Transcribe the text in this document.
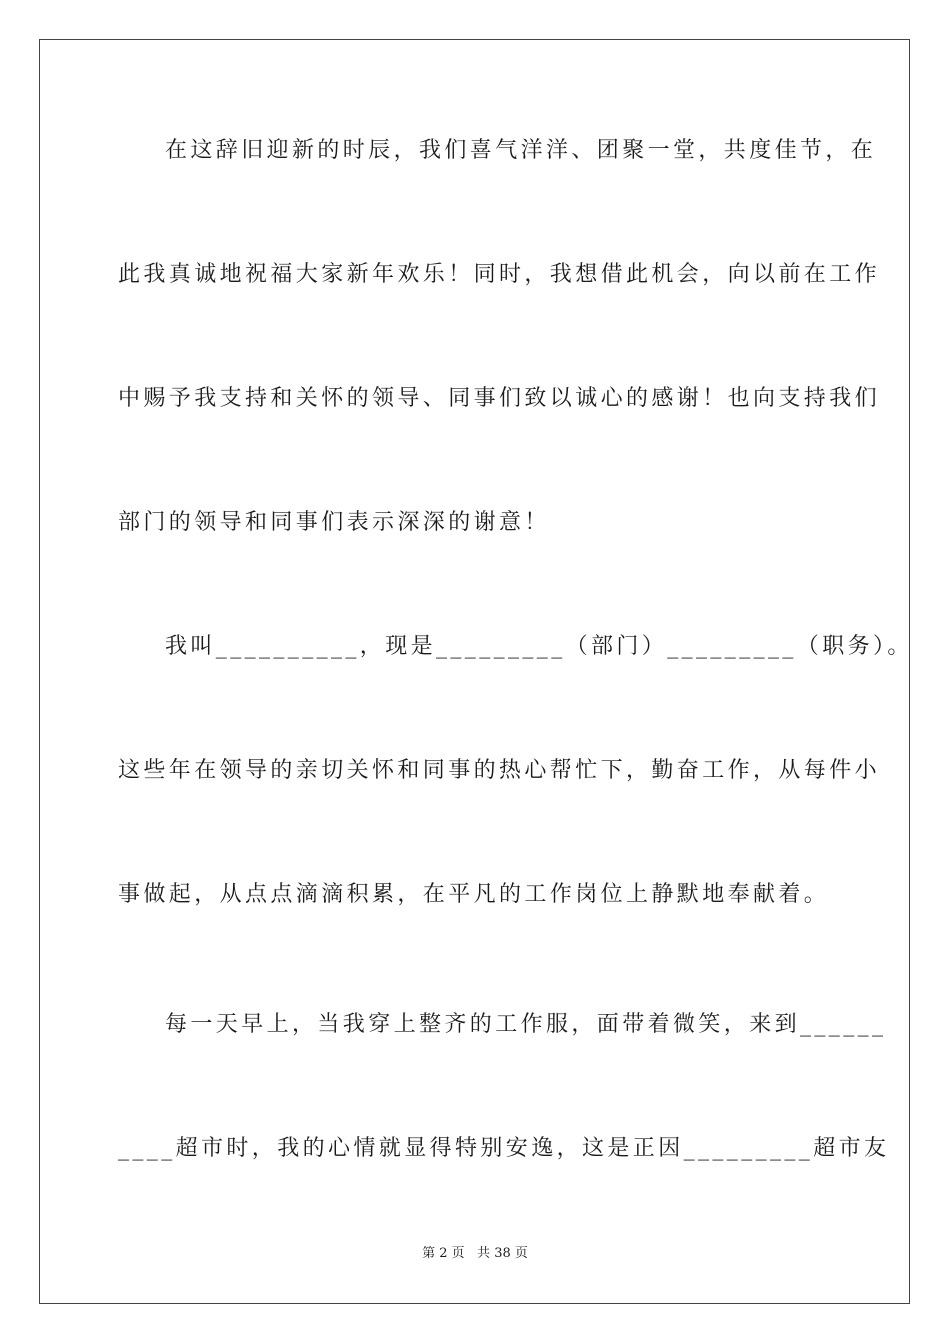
在这辞旧迎新的时辰，我们喜气洋洋、团聚一堂，共度佳节，在
此我真诚地祝福大家新年欢乐！同时，我想借此机会，向以前在工作
中赐予我支持和关怀的领导、同事们致以诚心的感谢！也向支持我们
部门的领导和同事们表示深深的谢意！
我叫__________，现是_________（部门）_________（职务）。
这些年在领导的亲切关怀和同事的热心帮忙下，勤奋工作，从每件小
事做起，从点点滴滴积累，在平凡的工作岗位上静默地奉献着。
每一天早上，当我穿上整齐的工作服，面带着微笑，来到______
____超市时，我的心情就显得特别安逸，这是正因_________超市友
第 2 页   共 38 页
